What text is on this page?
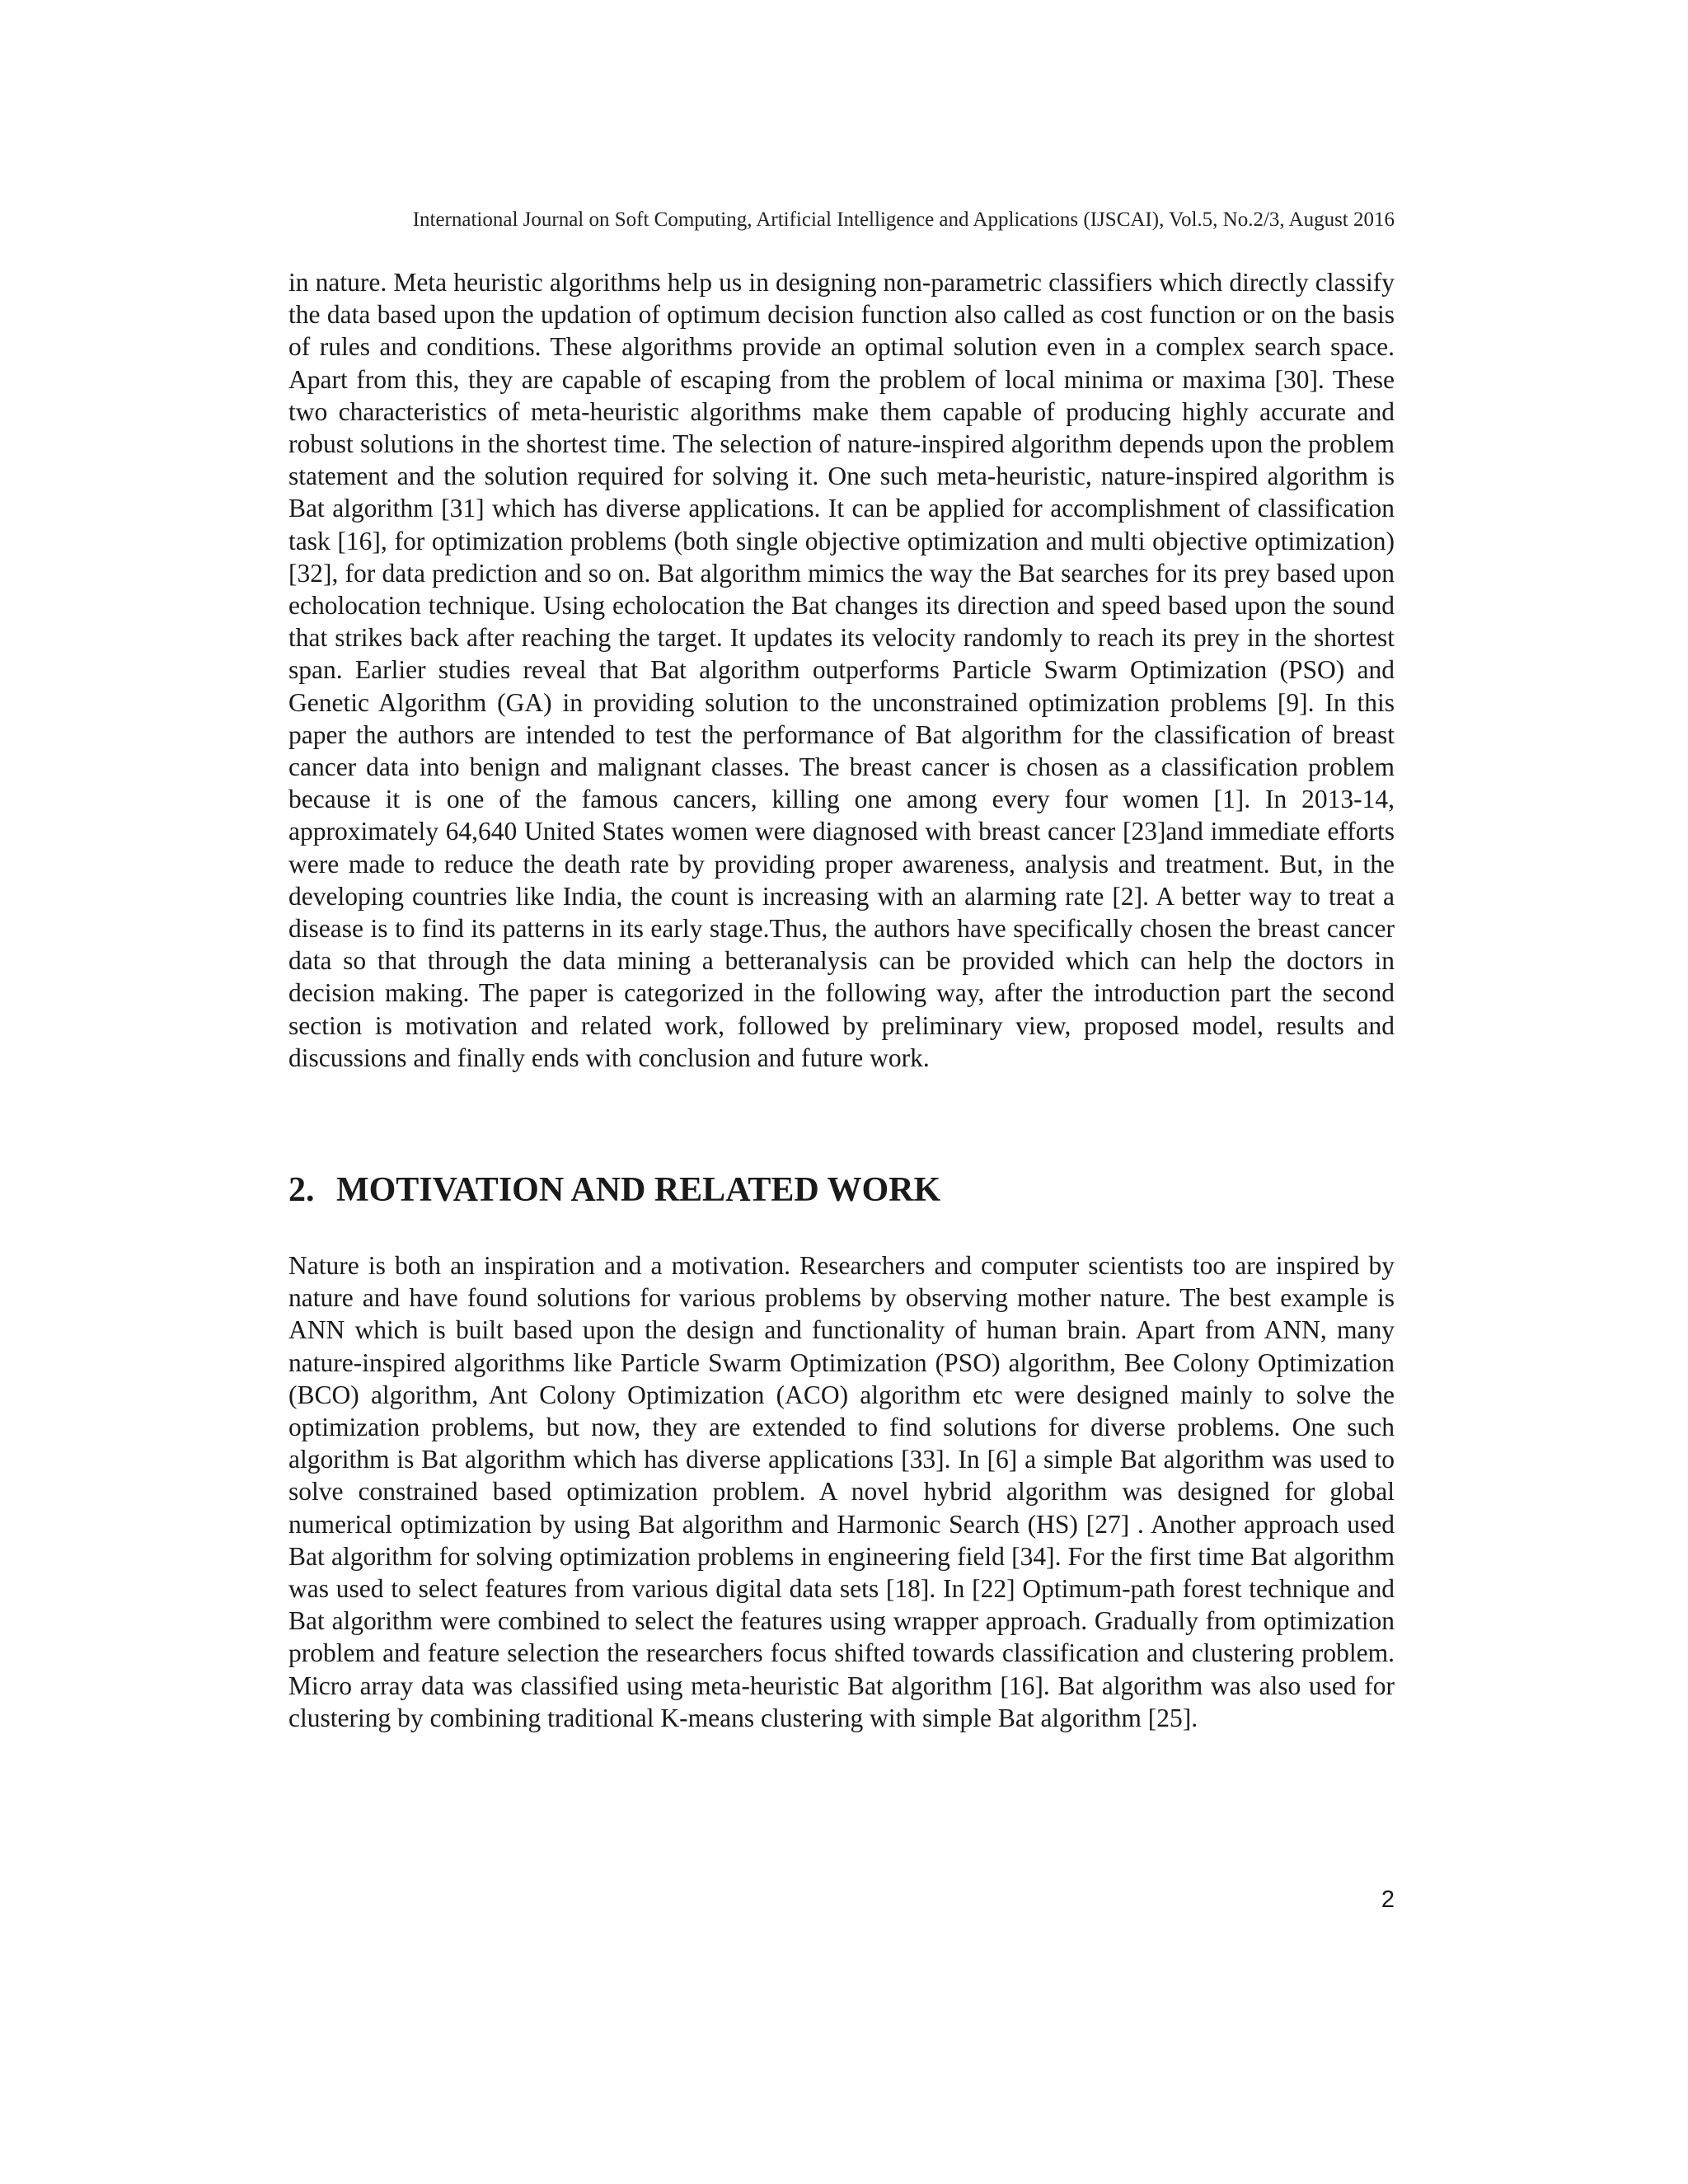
International Journal on Soft Computing, Artificial Intelligence and Applications (IJSCAI), Vol.5, No.2/3, August 2016

in nature. Meta heuristic algorithms help us in designing non-parametric classifiers which directly classify the data based upon the updation of optimum decision function also called as cost function or on the basis of rules and conditions. These algorithms provide an optimal solution even in a complex search space. Apart from this, they are capable of escaping from the problem of local minima or maxima [30]. These two characteristics of meta-heuristic algorithms make them capable of producing highly accurate and robust solutions in the shortest time. The selection of nature-inspired algorithm depends upon the problem statement and the solution required for solving it. One such meta-heuristic, nature-inspired algorithm is Bat algorithm [31] which has diverse applications. It can be applied for accomplishment of classification task [16], for optimization problems (both single objective optimization and multi objective optimization) [32], for data prediction and so on. Bat algorithm mimics the way the Bat searches for its prey based upon echolocation technique. Using echolocation the Bat changes its direction and speed based upon the sound that strikes back after reaching the target. It updates its velocity randomly to reach its prey in the shortest span. Earlier studies reveal that Bat algorithm outperforms Particle Swarm Optimization (PSO) and Genetic Algorithm (GA) in providing solution to the unconstrained optimization problems [9]. In this paper the authors are intended to test the performance of Bat algorithm for the classification of breast cancer data into benign and malignant classes. The breast cancer is chosen as a classification problem because it is one of the famous cancers, killing one among every four women [1]. In 2013-14, approximately 64,640 United States women were diagnosed with breast cancer [23]and immediate efforts were made to reduce the death rate by providing proper awareness, analysis and treatment. But, in the developing countries like India, the count is increasing with an alarming rate [2]. A better way to treat a disease is to find its patterns in its early stage.Thus, the authors have specifically chosen the breast cancer data so that through the data mining a betteranalysis can be provided which can help the doctors in decision making. The paper is categorized in the following way, after the introduction part the second section is motivation and related work, followed by preliminary view, proposed model, results and discussions and finally ends with conclusion and future work.

2. MOTIVATION AND RELATED WORK

Nature is both an inspiration and a motivation. Researchers and computer scientists too are inspired by nature and have found solutions for various problems by observing mother nature. The best example is ANN which is built based upon the design and functionality of human brain. Apart from ANN, many nature-inspired algorithms like Particle Swarm Optimization (PSO) algorithm, Bee Colony Optimization (BCO) algorithm, Ant Colony Optimization (ACO) algorithm etc were designed mainly to solve the optimization problems, but now, they are extended to find solutions for diverse problems. One such algorithm is Bat algorithm which has diverse applications [33]. In [6] a simple Bat algorithm was used to solve constrained based optimization problem. A novel hybrid algorithm was designed for global numerical optimization by using Bat algorithm and Harmonic Search (HS) [27] . Another approach used Bat algorithm for solving optimization problems in engineering field [34]. For the first time Bat algorithm was used to select features from various digital data sets [18]. In [22] Optimum-path forest technique and Bat algorithm were combined to select the features using wrapper approach. Gradually from optimization problem and feature selection the researchers focus shifted towards classification and clustering problem. Micro array data was classified using meta-heuristic Bat algorithm [16]. Bat algorithm was also used for clustering by combining traditional K-means clustering with simple Bat algorithm [25].

2
